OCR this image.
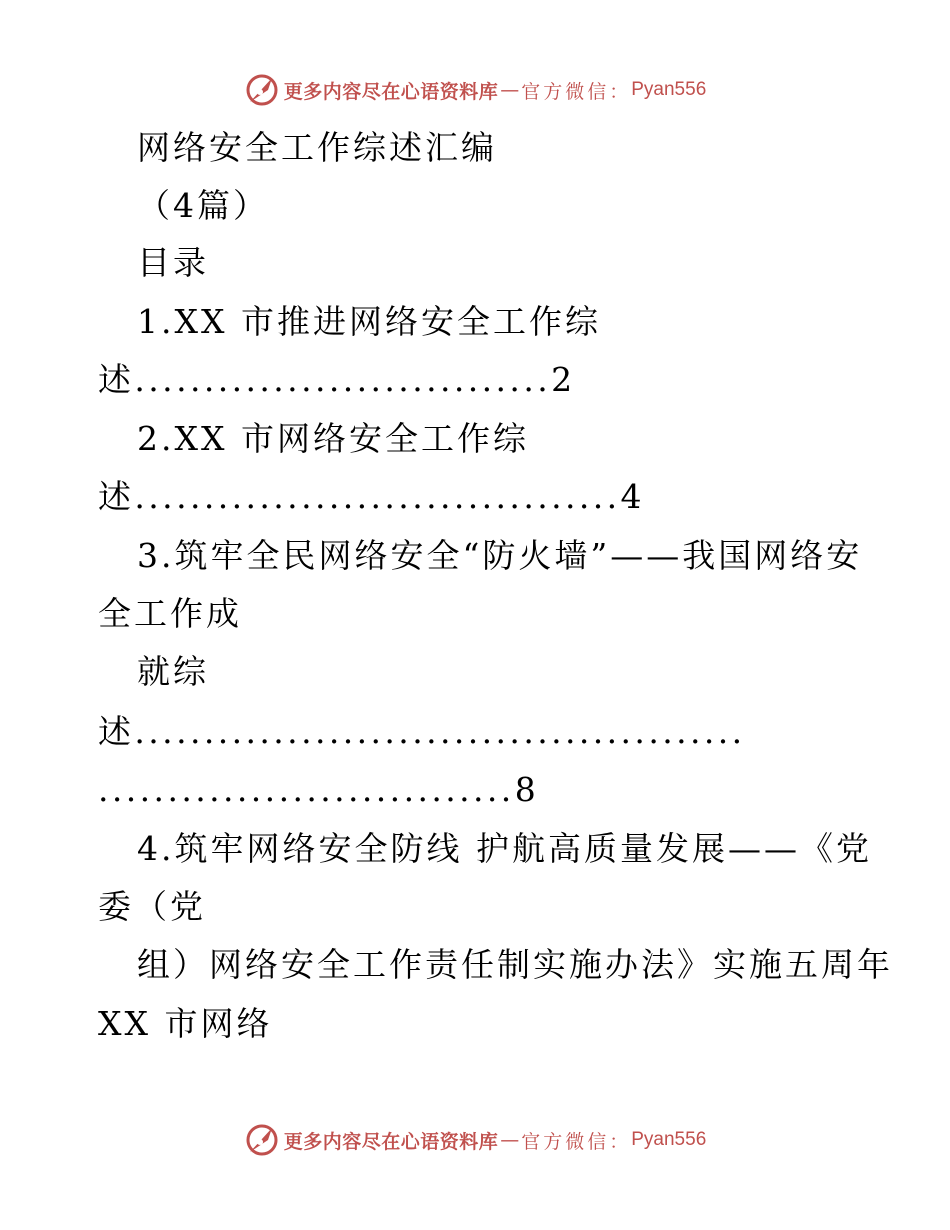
更多内容尽在心语资料库 — 官方微信： Pyan556
网络安全工作综述汇编
（4篇）
目录
1.XX 市推进网络安全工作综
述..............................2
2.XX 市网络安全工作综
述...................................4
3.筑牢全民网络安全“防火墙”——我国网络安
全工作成
就综
述............................................
..............................8
4.筑牢网络安全防线 护航高质量发展——《党
委（党
组）网络安全工作责任制实施办法》实施五周年
XX 市网络
更多内容尽在心语资料库 — 官方微信： Pyan556
